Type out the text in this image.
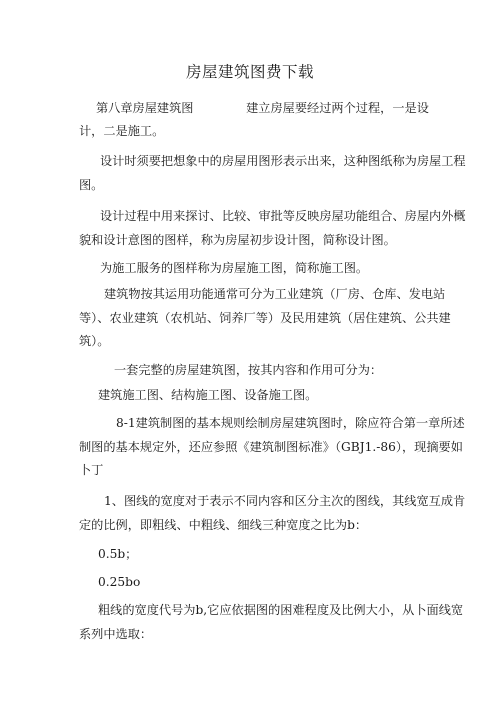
房屋建筑图费下载
第八章房屋建筑图　　　　 建立房屋要经过两个过程，一是设
计，二是施工。
设计时须要把想象中的房屋用图形表示出来，这种图纸称为房屋工程
图。
设计过程中用来探讨、比较、审批等反映房屋功能组合、房屋内外概
貌和设计意图的图样，称为房屋初步设计图，简称设计图。
为施工服务的图样称为房屋施工图，简称施工图。
建筑物按其运用功能通常可分为工业建筑（厂房、仓库、发电站
等）、农业建筑（农机站、饲养厂等）及民用建筑（居住建筑、公共建
筑）。
一套完整的房屋建筑图，按其内容和作用可分为：
建筑施工图、结构施工图、设备施工图。
8-1建筑制图的基本规则绘制房屋建筑图时，除应符合第一章所述
制图的基本规定外，还应参照《建筑制图标准》（GBJ1.-86），现摘要如
卜丁
1、图线的宽度对于表示不同内容和区分主次的图线，其线宽互成肯
定的比例，即粗线、中粗线、细线三种宽度之比为b：
0.5b；
0.25bo
粗线的宽度代号为b,它应依据图的困难程度及比例大小，从卜面线宽
系列中选取：
